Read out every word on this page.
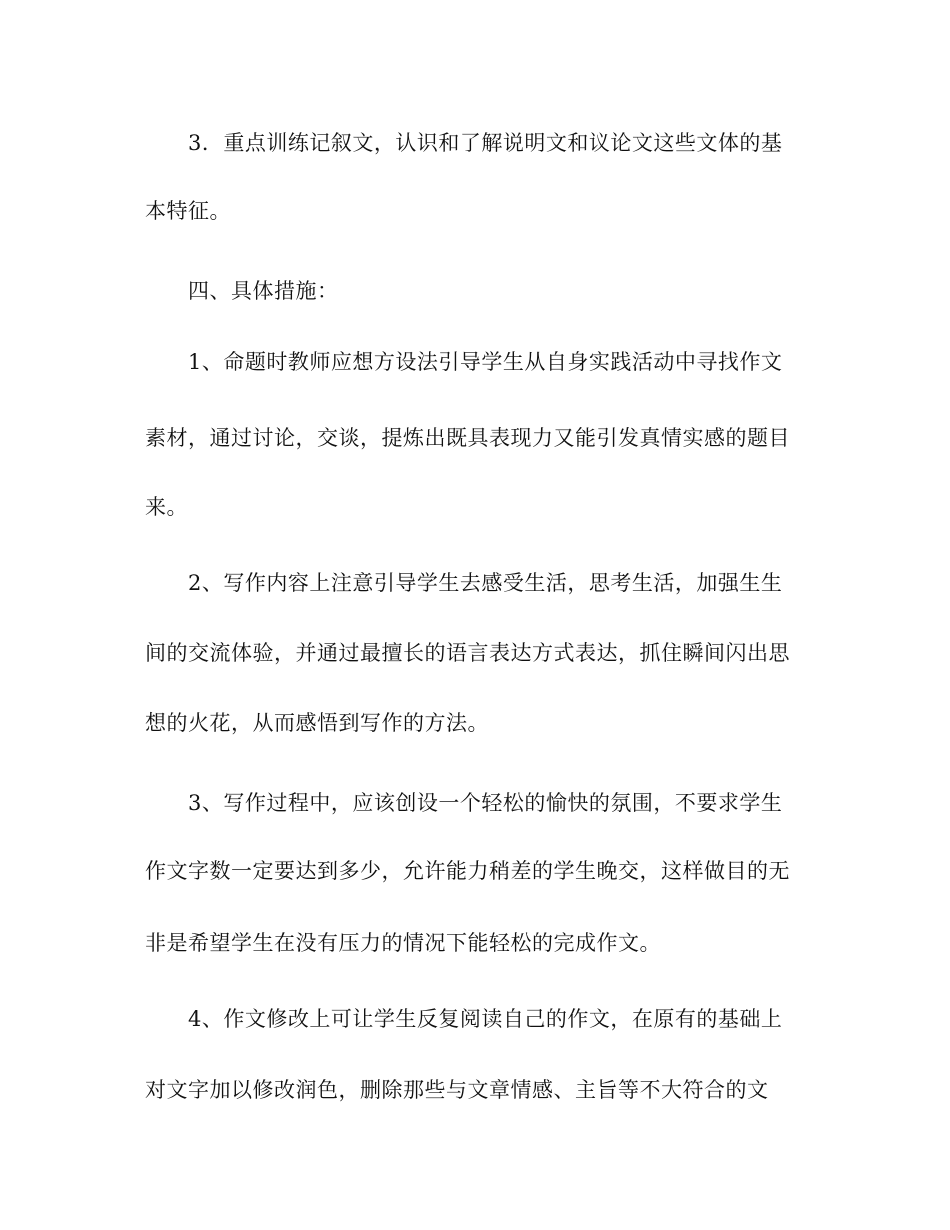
3．重点训练记叙文，认识和了解说明文和议论文这些文体的基
本特征。
四、具体措施：
1、命题时教师应想方设法引导学生从自身实践活动中寻找作文
素材，通过讨论，交谈，提炼出既具表现力又能引发真情实感的题目
来。
2、写作内容上注意引导学生去感受生活，思考生活，加强生生
间的交流体验，并通过最擅长的语言表达方式表达，抓住瞬间闪出思
想的火花，从而感悟到写作的方法。
3、写作过程中，应该创设一个轻松的愉快的氛围，不要求学生
作文字数一定要达到多少，允许能力稍差的学生晚交，这样做目的无
非是希望学生在没有压力的情况下能轻松的完成作文。
4、作文修改上可让学生反复阅读自己的作文，在原有的基础上
对文字加以修改润色，删除那些与文章情感、主旨等不大符合的文
